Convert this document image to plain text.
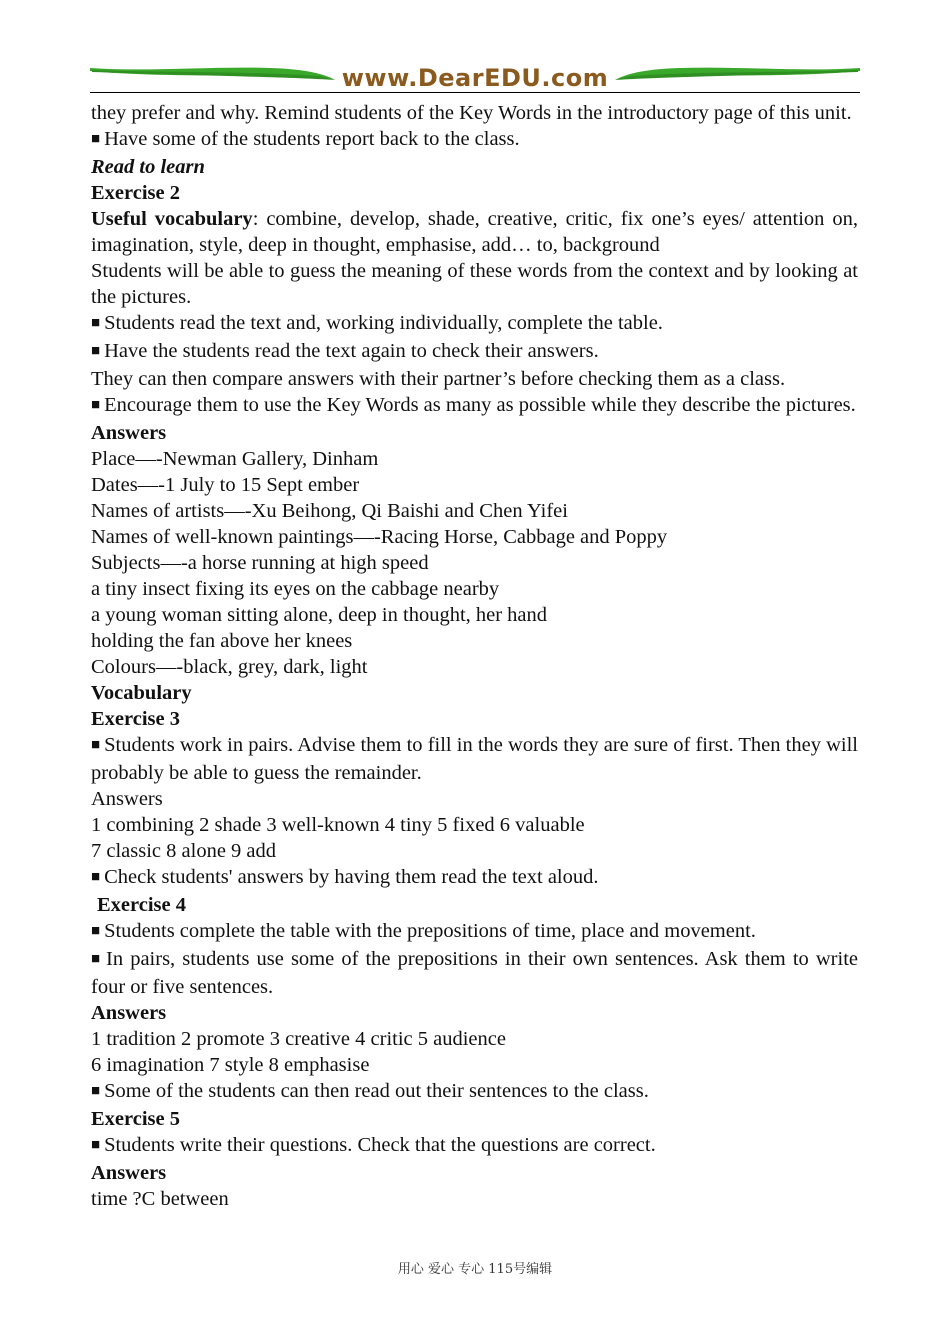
www.DearEDU.com

they prefer and why. Remind students of the Key Words in the introductory page of this unit.

■ Have some of the students report back to the class.

Read to learn

Exercise 2

Useful vocabulary: combine, develop, shade, creative, critic, fix one’s eyes/ attention on, imagination, style, deep in thought, emphasise, add… to, background

Students will be able to guess the meaning of these words from the context and by looking at the pictures.

■ Students read the text and, working individually, complete the table.

■ Have the students read the text again to check their answers.

They can then compare answers with their partner’s before checking them as a class.

■ Encourage them to use the Key Words as many as possible while they describe the pictures.

Answers

Place—-Newman Gallery, Dinham

Dates—-1 July to 15 Sept ember

Names of artists—-Xu Beihong, Qi Baishi and Chen Yifei

Names of well-known paintings—-Racing Horse, Cabbage and Poppy

Subjects—-a horse running at high speed

a tiny insect fixing its eyes on the cabbage nearby

a young woman sitting alone, deep in thought, her hand

holding the fan above her knees

Colours—-black, grey, dark, light

Vocabulary

Exercise 3

■ Students work in pairs. Advise them to fill in the words they are sure of first. Then they will probably be able to guess the remainder.

Answers

1 combining 2 shade 3 well-known 4 tiny 5 fixed 6 valuable

7 classic 8 alone 9 add

■ Check students' answers by having them read the text aloud.

Exercise 4

■ Students complete the table with the prepositions of time, place and movement.

■ In pairs, students use some of the prepositions in their own sentences. Ask them to write four or five sentences.

Answers

1 tradition 2 promote 3 creative 4 critic 5 audience

6 imagination 7 style 8 emphasise

■ Some of the students can then read out their sentences to the class.

Exercise 5

■ Students write their questions. Check that the questions are correct.

Answers

time ?C between

用心 爱心 专心 115号编辑
